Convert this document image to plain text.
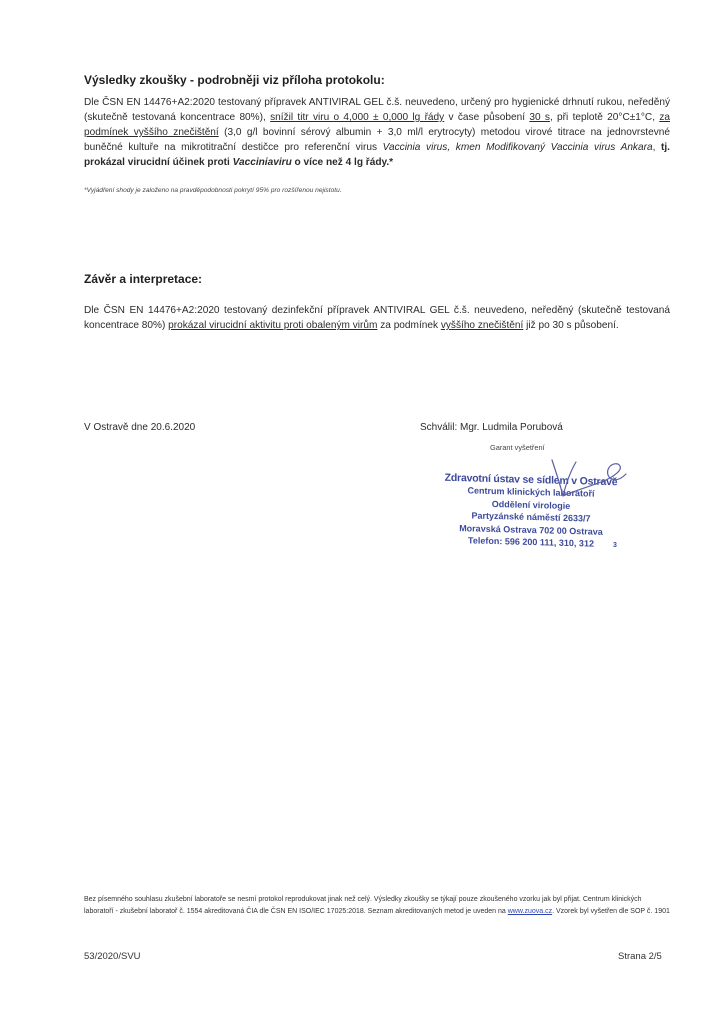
Výsledky zkoušky - podrobněji viz příloha protokolu:
Dle ČSN EN 14476+A2:2020 testovaný přípravek ANTIVIRAL GEL č.š. neuvedeno, určený pro hygienické drhnutí rukou, neředěný (skutečně testovaná koncentrace 80%), snížil titr viru o 4,000 ± 0,000 lg řády v čase působení 30 s, při teplotě 20°C±1°C, za podmínek vyššího znečištění (3,0 g/l bovinní sérový albumin + 3,0 ml/l erytrocyty) metodou virové titrace na jednovrstevné buněčné kultuře na mikrotitrační destičce pro referenční virus Vaccinia virus, kmen Modifikovaný Vaccinia virus Ankara, tj. prokázal virucidní účinek proti Vacciniaviru o více než 4 lg řády.*
*Vyjádření shody je založeno na pravděpodobnosti pokrytí 95% pro rozšířenou nejistotu.
Závěr a interpretace:
Dle ČSN EN 14476+A2:2020 testovaný dezinfekční přípravek ANTIVIRAL GEL č.š. neuvedeno, neředěný (skutečně testovaná koncentrace 80%) prokázal virucidní aktivitu proti obaleným virům za podmínek vyššího znečištění již po 30 s působení.
V Ostravě dne 20.6.2020	Schválil: Mgr. Ludmila Porubová
Garant vyšetření
Zdravotní ústav se sídlem v Ostravě
Centrum klinických laboratoří
Oddělení virologie
Partyzánské náměstí 2633/7
Moravská Ostrava 702 00 Ostrava
Telefon: 596 200 111, 310, 312	3
Bez písemného souhlasu zkušební laboratoře se nesmí protokol reprodukovat jinak než celý. Výsledky zkoušky se týkají pouze zkoušeného vzorku jak byl přijat. Centrum klinických laboratoří - zkušební laboratoř č. 1554 akreditovaná ČIA dle ČSN EN ISO/IEC 17025:2018. Seznam akreditovaných metod je uveden na www.zuova.cz. Vzorek byl vyšetřen dle SOP č. 1901
53/2020/SVU	Strana 2/5
